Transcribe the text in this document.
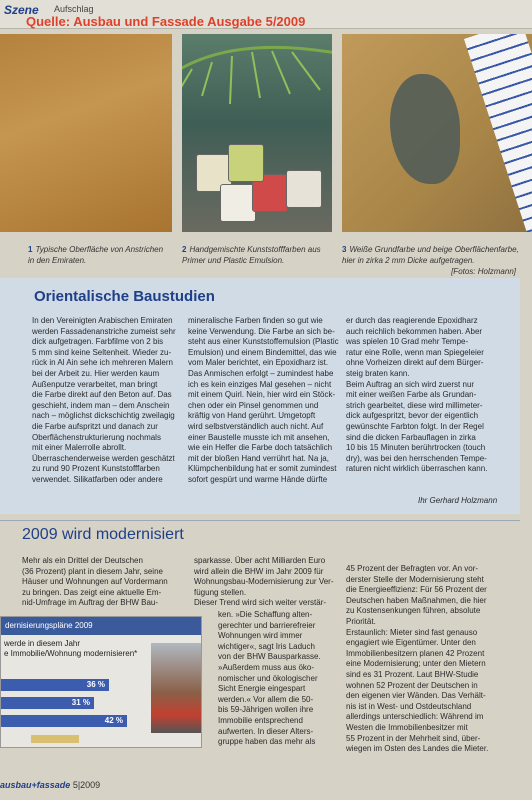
Szene Aufschlag
Quelle: Ausbau und Fassade Ausgabe 5/2009
1 Typische Oberfläche von Anstrichen in den Emiraten.
2 Handgemischte Kunststofffarben aus Primer und Plastic Emulsion.
3 Weiße Grundfarbe und beige Oberflächenfarbe, hier in zirka 2 mm Dicke aufgetragen.
[Fotos: Holzmann]
Orientalische Baustudien
In den Vereinigten Arabischen Emiraten
werden Fassadenanstriche zumeist sehr
dick aufgetragen. Farbfilme von 2 bis
5 mm sind keine Seltenheit. Wieder zu-
rück in Al Ain sehe ich mehreren Malern
bei der Arbeit zu. Hier werden kaum
Außenputze verarbeitet, man bringt
die Farbe direkt auf den Beton auf. Das
geschieht, indem man – dem Anschein
nach – möglichst dickschichtig zweilagig
die Farbe aufspritzt und danach zur
Oberflächenstrukturierung nochmals
mit einer Malerrolle abrollt.
Überraschenderweise werden geschätzt
zu rund 90 Prozent Kunststofffarben
verwendet. Silikatfarben oder andere
mineralische Farben finden so gut wie
keine Verwendung. Die Farbe an sich be-
steht aus einer Kunststoffemulsion (Plastic
Emulsion) und einem Bindemittel, das wie
vom Maler berichtet, ein Epoxidharz ist.
Das Anmischen erfolgt – zumindest habe
ich es kein einziges Mal gesehen – nicht
mit einem Quirl. Nein, hier wird ein Stöck-
chen oder ein Pinsel genommen und
kräftig von Hand gerührt. Umgetopft
wird selbstverständlich auch nicht. Auf
einer Baustelle musste ich mit ansehen,
wie ein Helfer die Farbe doch tatsächlich
mit der bloßen Hand verrührt hat. Na ja,
Klümpchenbildung hat er somit zumindest
sofort gespürt und warme Hände dürfte
er durch das reagierende Epoxidharz
auch reichlich bekommen haben. Aber
was spielen 10 Grad mehr Tempe-
ratur eine Rolle, wenn man Spiegeleier
ohne Vorheizen direkt auf dem Bürger-
steig braten kann.
Beim Auftrag an sich wird zuerst nur
mit einer weißen Farbe als Grundan-
strich gearbeitet, diese wird millimeter-
dick aufgespritzt, bevor der eigentlich
gewünschte Farbton folgt. In der Regel
sind die dicken Farbauflagen in zirka
10 bis 15 Minuten berührtrocken (touch
dry), was bei den herrschenden Tempe-
raturen nicht wirklich überraschen kann.
Ihr Gerhard Holzmann
2009 wird modernisiert
Mehr als ein Drittel der Deutschen
(36 Prozent) plant in diesem Jahr, seine
Häuser und Wohnungen auf Vordermann
zu bringen. Das zeigt eine aktuelle Em-
nid-Umfrage im Auftrag der BHW Bau-
sparkasse. Über acht Milliarden Euro
wird allein die BHW im Jahr 2009 für
Wohnungsbau-Modernisierung zur Ver-
fügung stellen.
Dieser Trend wird sich weiter verstär-
ken. »Die Schaffung alten-
gerechter und barrierefreier
Wohnungen wird immer
wichtiger«, sagt Iris Laduch
von der BHW Bausparkasse.
»Außerdem muss aus öko-
nomischer und ökologischer
Sicht Energie eingespart
werden.« Vor allem die 50-
bis 59-Jährigen wollen ihre
Immobilie entsprechend
aufwerten. In dieser Alters-
gruppe haben das mehr als
45 Prozent der Befragten vor. An vor-
derster Stelle der Modernisierung steht
die Energieeffizienz: Für 56 Prozent der
Deutschen haben Maßnahmen, die hier
zu Kostensenkungen führen, absolute
Priorität.
Erstaunlich: Mieter sind fast genauso
engagiert wie Eigentümer. Unter den
Immobilienbesitzern planen 42 Prozent
eine Modernisierung; unter den Mietern
sind es 31 Prozent. Laut BHW-Studie
wohnen 52 Prozent der Deutschen in
den eigenen vier Wänden. Das Verhält-
nis ist in West- und Ostdeutschland
allerdings unterschiedlich: Während im
Westen die Immobilienbesitzer mit
55 Prozent in der Mehrheit sind, über-
wiegen im Osten des Landes die Mieter.
dernisierungspläne 2009
werde in diesem Jahr
e Immobilie/Wohnung modernisieren*
36 %
31 %
42 %
ausbau+fassade 5|2009
